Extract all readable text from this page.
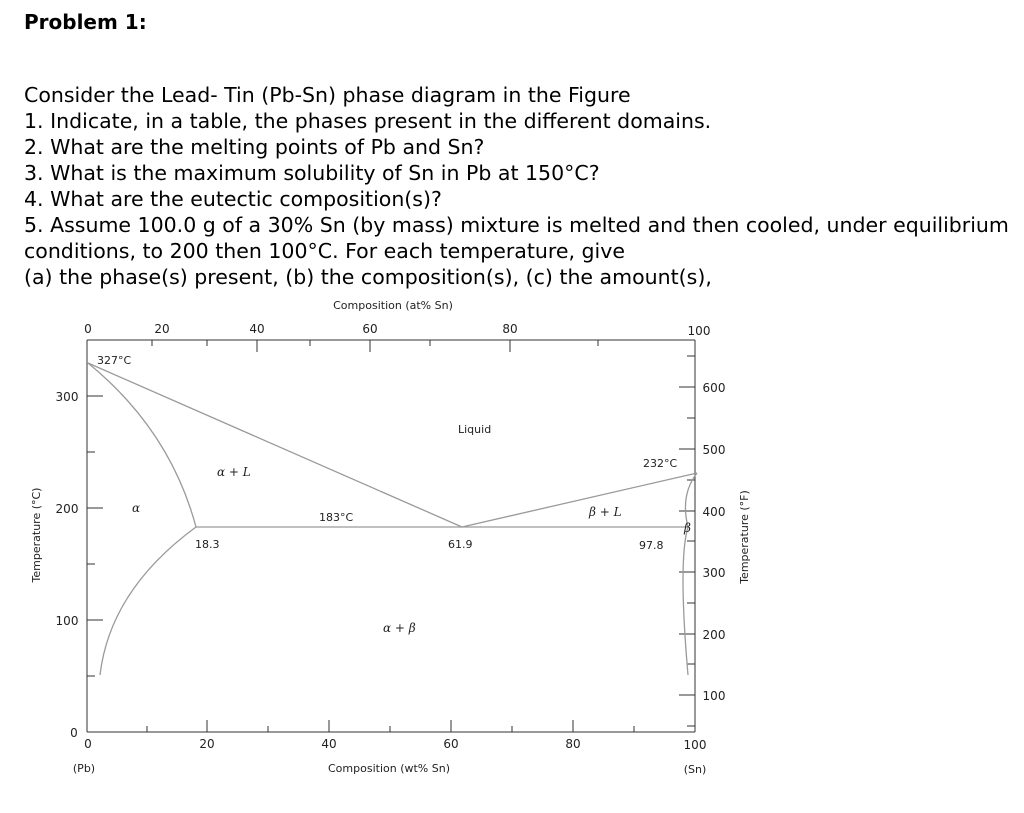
Problem 1:
Consider the Lead- Tin (Pb-Sn) phase diagram in the Figure
1. Indicate, in a table, the phases present in the different domains.
2. What are the melting points of Pb and Sn?
3. What is the maximum solubility of Sn in Pb at 150°C?
4. What are the eutectic composition(s)?
5. Assume 100.0 g of a 30% Sn (by mass) mixture is melted and then cooled, under equilibrium conditions, to 200 then 100°C. For each temperature, give
(a) the phase(s) present, (b) the composition(s), (c) the amount(s),
Composition (at% Sn)
Composition (wt% Sn)
Temperature (°C)	Temperature (°F)
0	20	40	60	80	100
0	20	40	60	80	100
(Pb)	(Sn)
0
100
200
300
100
200
300
400
500
600
327°C
232°C
183°C
18.3	61.9	97.8
Liquid
α + L
α	β + L
β
α + β
